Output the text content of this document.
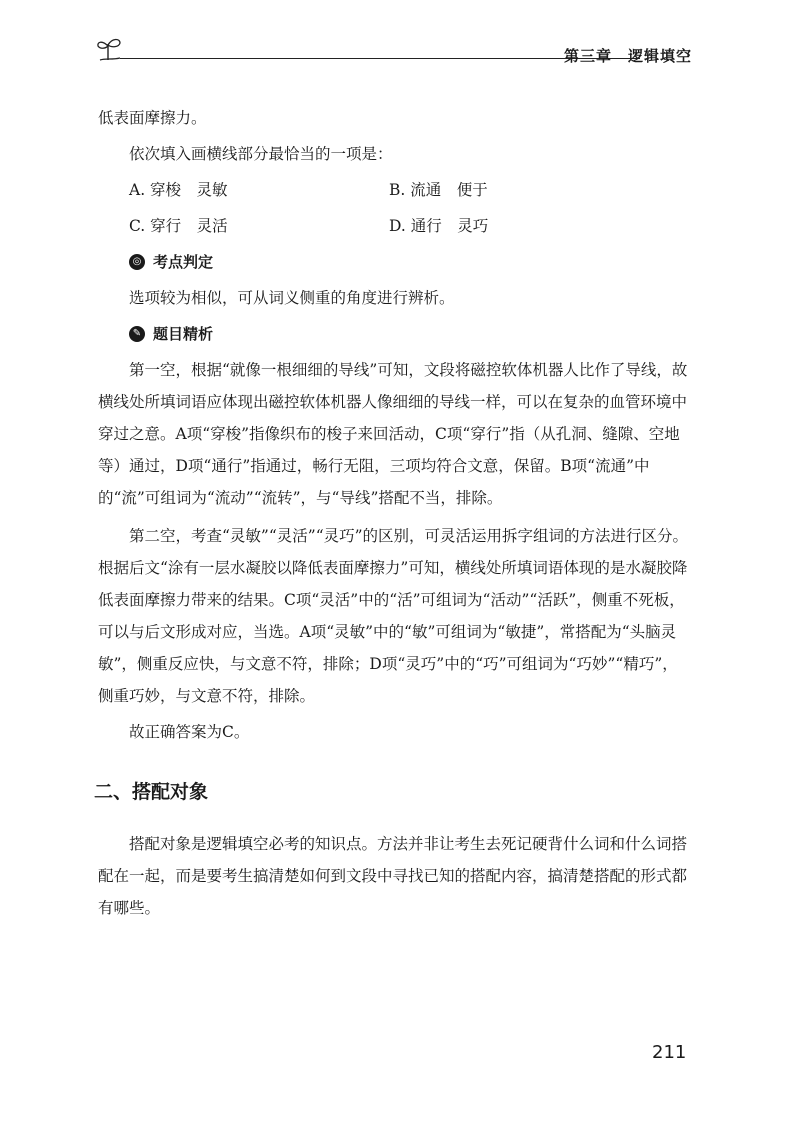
第三章　逻辑填空

低表面摩擦力。

依次填入画横线部分最恰当的一项是：

A. 穿梭　灵敏	B. 流通　便于
C. 穿行　灵活	D. 通行　灵巧
◎ 考点判定

选项较为相似，可从词义侧重的角度进行辨析。

✎ 题目精析

第一空，根据“就像一根细细的导线”可知，文段将磁控软体机器人比作了导线，故横线处所填词语应体现出磁控软体机器人像细细的导线一样，可以在复杂的血管环境中穿过之意。A项“穿梭”指像织布的梭子来回活动，C项“穿行”指（从孔洞、缝隙、空地等）通过，D项“通行”指通过，畅行无阻，三项均符合文意，保留。B项“流通”中的“流”可组词为“流动”“流转”，与“导线”搭配不当，排除。

第二空，考查“灵敏”“灵活”“灵巧”的区别，可灵活运用拆字组词的方法进行区分。根据后文“涂有一层水凝胶以降低表面摩擦力”可知，横线处所填词语体现的是水凝胶降低表面摩擦力带来的结果。C项“灵活”中的“活”可组词为“活动”“活跃”，侧重不死板，可以与后文形成对应，当选。A项“灵敏”中的“敏”可组词为“敏捷”，常搭配为“头脑灵敏”，侧重反应快，与文意不符，排除；D项“灵巧”中的“巧”可组词为“巧妙”“精巧”，侧重巧妙，与文意不符，排除。

故正确答案为C。

二、搭配对象

搭配对象是逻辑填空必考的知识点。方法并非让考生去死记硬背什么词和什么词搭配在一起，而是要考生搞清楚如何到文段中寻找已知的搭配内容，搞清楚搭配的形式都有哪些。

211
